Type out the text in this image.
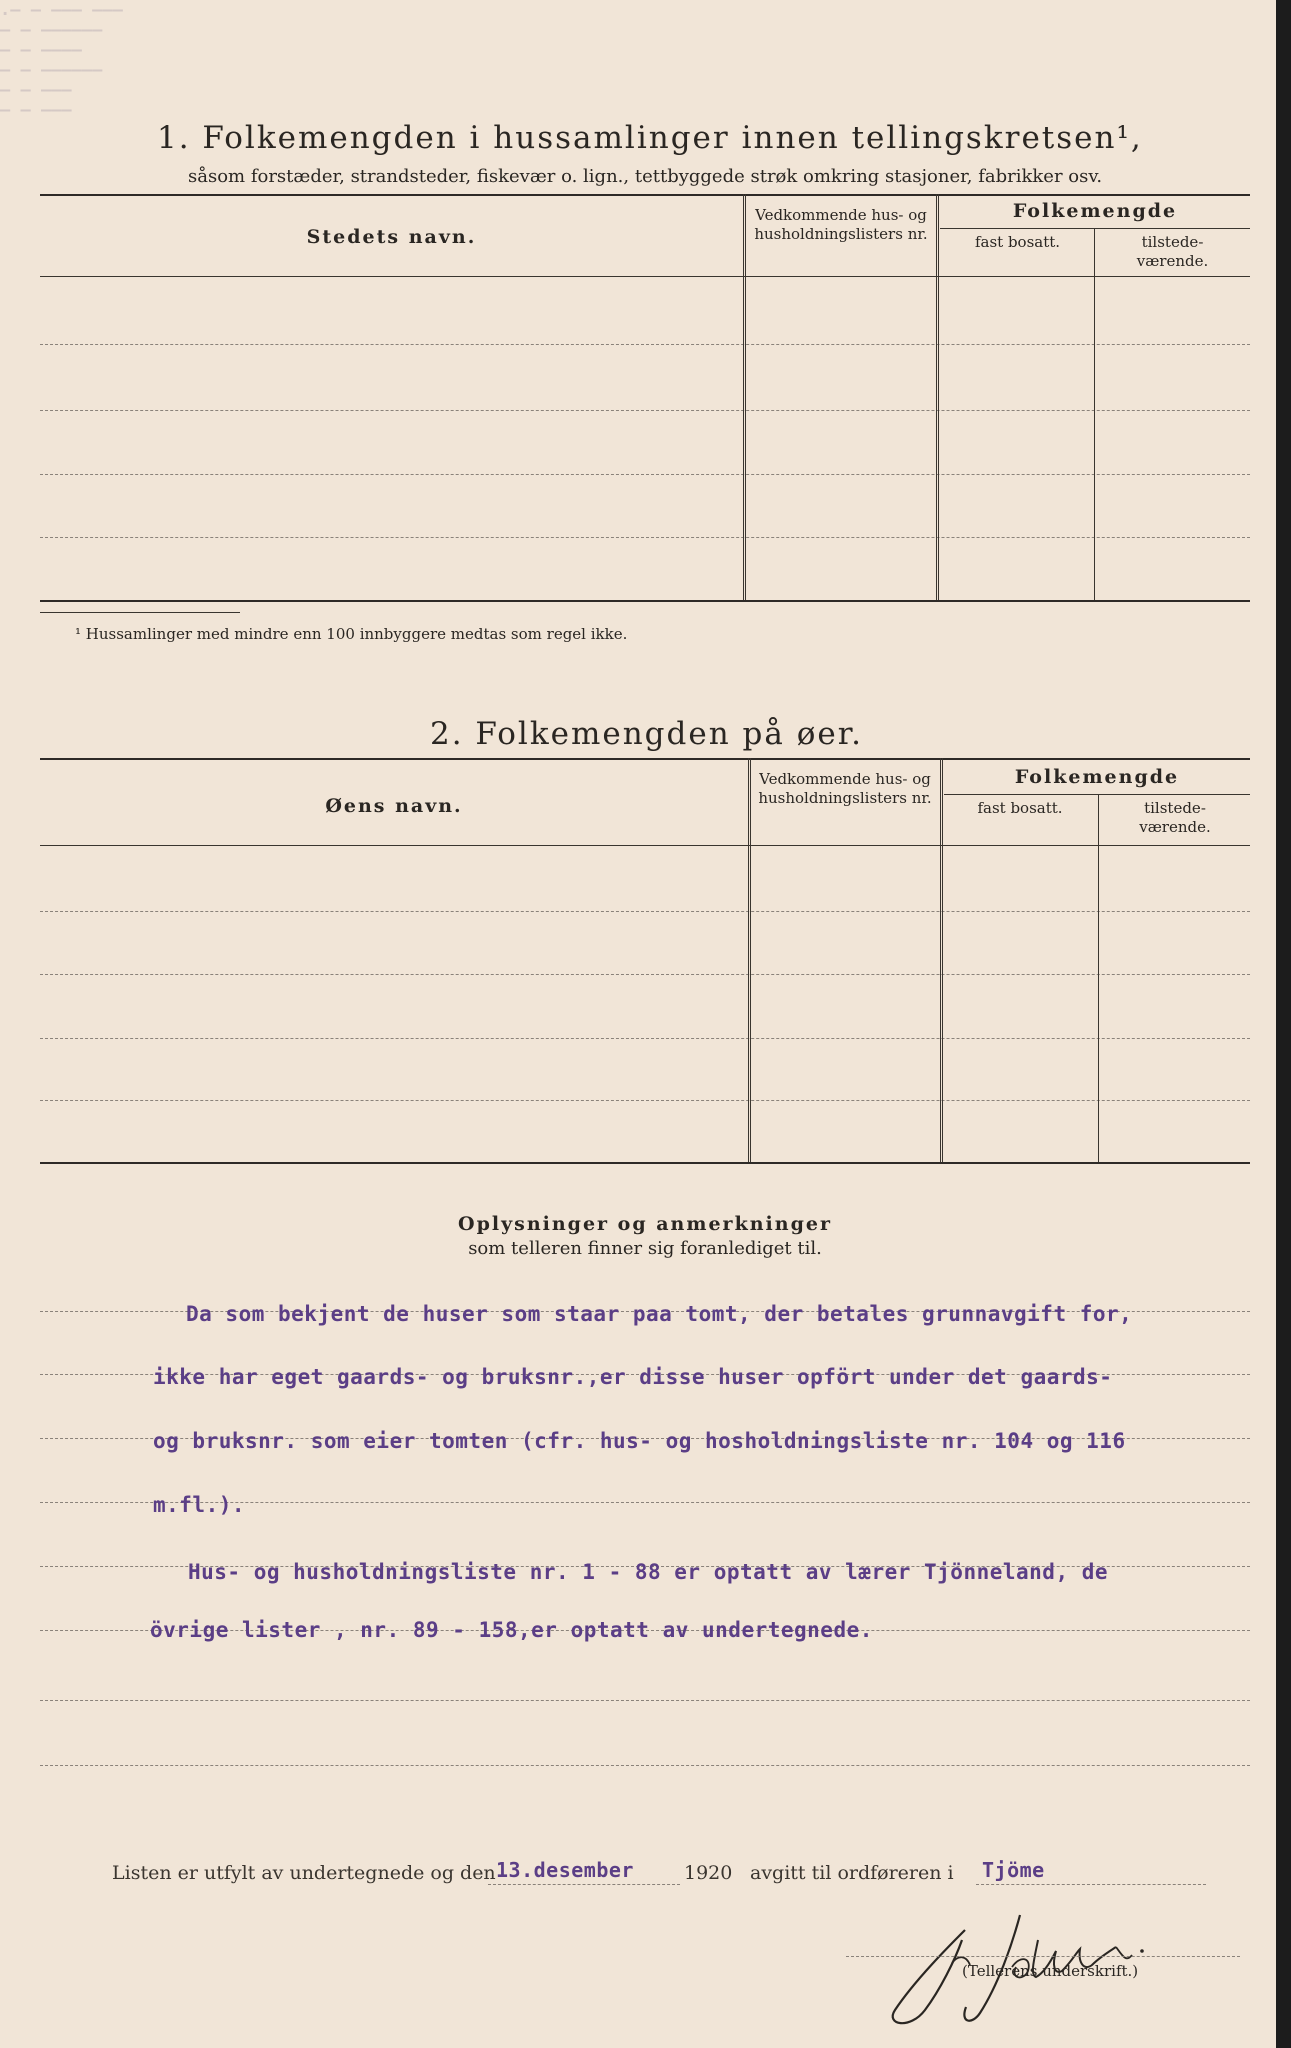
1. Folkemengden i hussamlinger innen tellingskretsen¹,
såsom forstæder, strandsteder, fiskevær o. lign., tettbyggede strøk omkring stasjoner, fabrikker osv.
Stedets navn.
Vedkommende hus- og husholdningslisters nr.
Folkemengde
fast bosatt.	tilstede-værende.
¹ Hussamlinger med mindre enn 100 innbyggere medtas som regel ikke.
.— — ——— ———
— — ——————
— — ————
— — ——————
— — ———
— — ———
2. Folkemengden på øer.
Øens navn.
Vedkommende hus- og husholdningslisters nr.
Folkemengde
fast bosatt.	tilstede-værende.
Oplysninger og anmerkninger
som telleren finner sig foranlediget til.
Da som bekjent de huser som staar paa tomt, der betales grunnavgift for,
ikke har eget gaards- og bruksnr.,er disse huser opfört under det gaards-
og bruksnr. som eier tomten (cfr. hus- og hosholdningsliste nr. 104 og 116
m.fl.).
Hus- og husholdningsliste nr. 1 - 88 er optatt av lærer Tjönneland, de
övrige lister , nr. 89 - 158,er optatt av undertegnede.
Listen er utfylt av undertegnede og den 13.desember	1920 avgitt til ordføreren i Tjöme
(Tellerens underskrift.)
